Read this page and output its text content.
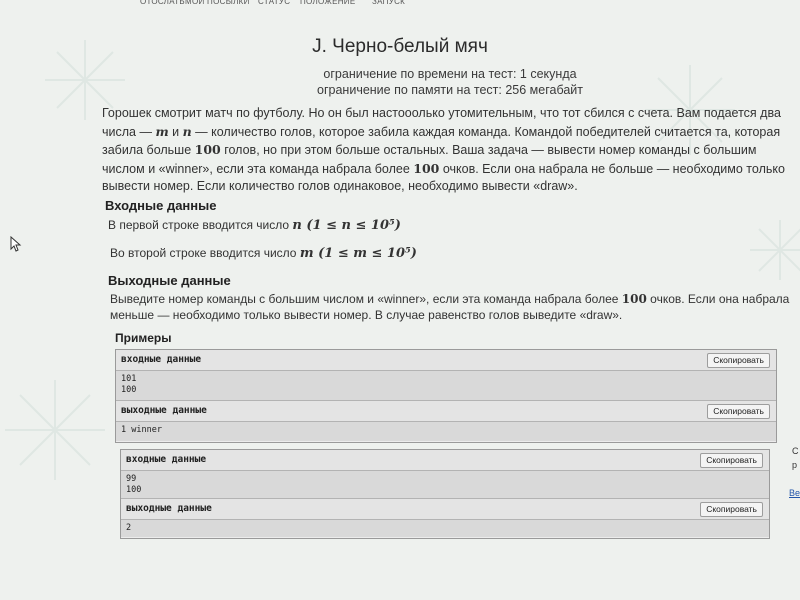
ОТОСЛАТЬ МОИ ПОСЫЛКИ СТАТУС ПОЛОЖЕНИЕ ЗАПУСК
J. Черно-белый мяч
ограничение по времени на тест: 1 секунда
ограничение по памяти на тест: 256 мегабайт
Горошек смотрит матч по футболу. Но он был настооолько утомительным, что тот сбился с счета. Вам подается два числа — m и n — количество голов, которое забила каждая команда. Командой победителей считается та, которая забила больше 100 голов, но при этом больше остальных. Ваша задача — вывести номер команды с большим числом и «winner», если эта команда набрала более 100 очков. Если она набрала не больше — необходимо только вывести номер. Если количество голов одинаковое, необходимо вывести «draw».
Входные данные
В первой строке вводится число n (1 ≤ n ≤ 10⁵)
Во второй строке вводится число m (1 ≤ m ≤ 10⁵)
Выходные данные
Выведите номер команды с большим числом и «winner», если эта команда набрала более 100 очков. Если она набрала меньше — необходимо только вывести номер. В случае равенство голов выведите «draw».
Примеры
входные данные	Скопировать
101
100
выходные данные	Скопировать
1 winner
входные данные	Скопировать
99
100
выходные данные	Скопировать
2
С
р
Ве
